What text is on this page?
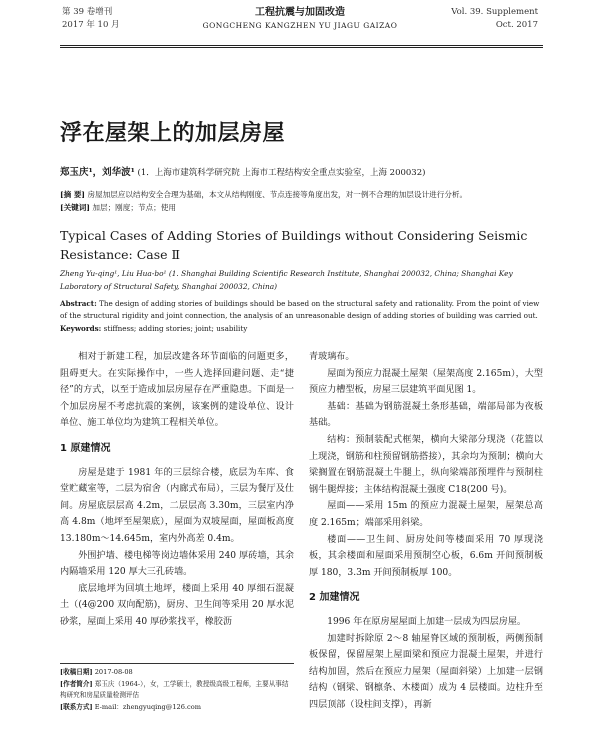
第 39 卷增刊
2017 年 10 月
工程抗震与加固改造
GONGCHENG KANGZHEN YU JIAGU GAIZAO
Vol. 39. Supplement
Oct. 2017
浮在屋架上的加层房屋
郑玉庆¹，刘华波¹ (1．上海市建筑科学研究院 上海市工程结构安全重点实验室，上海 200032)
[摘 要] 房屋加层应以结构安全合理为基础，本文从结构刚度、节点连接等角度出发，对一例不合理的加层设计进行分析。
[关键词] 加层；刚度；节点；使用
Typical Cases of Adding Stories of Buildings without Considering Seismic Resistance: Case Ⅱ
Zheng Yu-qing¹, Liu Hua-bo¹ (1. Shanghai Building Scientific Research Institute, Shanghai 200032, China; Shanghai Key Laboratory of Structural Safety, Shanghai 200032, China)
Abstract: The design of adding stories of buildings should be based on the structural safety and rationality. From the point of view of the structural rigidity and joint connection, the analysis of an unreasonable design of adding stories of building was carried out.
Keywords: stiffness; adding stories; joint; usability

相对于新建工程，加层改建各环节面临的问题更多，阻碍更大。在实际操作中，一些人选择回避问题、走“捷径”的方式，以至于造成加层房屋存在严重隐患。下面是一个加层房屋不考虑抗震的案例，该案例的建设单位、设计单位、施工单位均为建筑工程相关单位。

1 原建情况

房屋是建于 1981 年的三层综合楼，底层为车库、食堂贮藏室等，二层为宿舍（内廊式布局），三层为餐厅及仕间。房屋底层层高 4.2m，二层层高 3.30m，三层室内净高 4.8m（地坪至屋架底），屋面为双坡屋面，屋面板高度 13.180m～14.645m，室内外高差 0.4m。

外围护墙、楼电梯等岗边墙体采用 240 厚砖墙，其余内隔墙采用 120 厚大三孔砖墙。

底层地坪为回填土地坪，楼面上采用 40 厚细石混凝土（(4@200 双向配筋)，厨房、卫生间等采用 20 厚水泥砂浆，屋面上采用 40 厚砂浆找平，橡胶沥

青玻璃布。

屋面为预应力混凝土屋架（屋架高度 2.165m），大型预应力槽型板，房屋三层建筑平面见图 1。

基础：基础为钢筋混凝土条形基础，端部局部为夜板基础。

结构：预制装配式框架，横向大梁部分现浇（花篮以上现浇，钢筋和柱预留钢筋搭接），其余均为预制；横向大梁搁置在钢筋混凝土牛腿上，纵向梁端部预埋件与预制柱钢牛腿焊接；主体结构混凝土强度 C18(200 号)。

屋面——采用 15m 的预应力混凝土屋架，屋架总高度 2.165m；端部采用斜梁。

楼面——卫生间、厨房处间等楼面采用 70 厚现浇板，其余楼面和屋面采用预制空心板，6.6m 开间预制板厚 180，3.3m 开间预制板厚 100。

2 加建情况

1996 年在原房屋屋面上加建一层成为四层房屋。

加建时拆除原 2～8 轴屋脊区域的预制板，两侧预制板保留，保留屋架上屋面梁和预应力混凝土屋架，并进行结构加固，然后在预应力屋架（屋面斜梁）上加建一层钢结构（钢梁、钢檩条、木楼面）成为 4 层楼面。边柱升至四层顶部（设柱间支撑），再新

[收稿日期] 2017-08-08
[作者简介] 郑玉庆（1964-），女，工学硕士，教授级高级工程师，主要从事结构研究和房屋质量检测评估
[联系方式] E-mail：zhengyuqing@126.com
